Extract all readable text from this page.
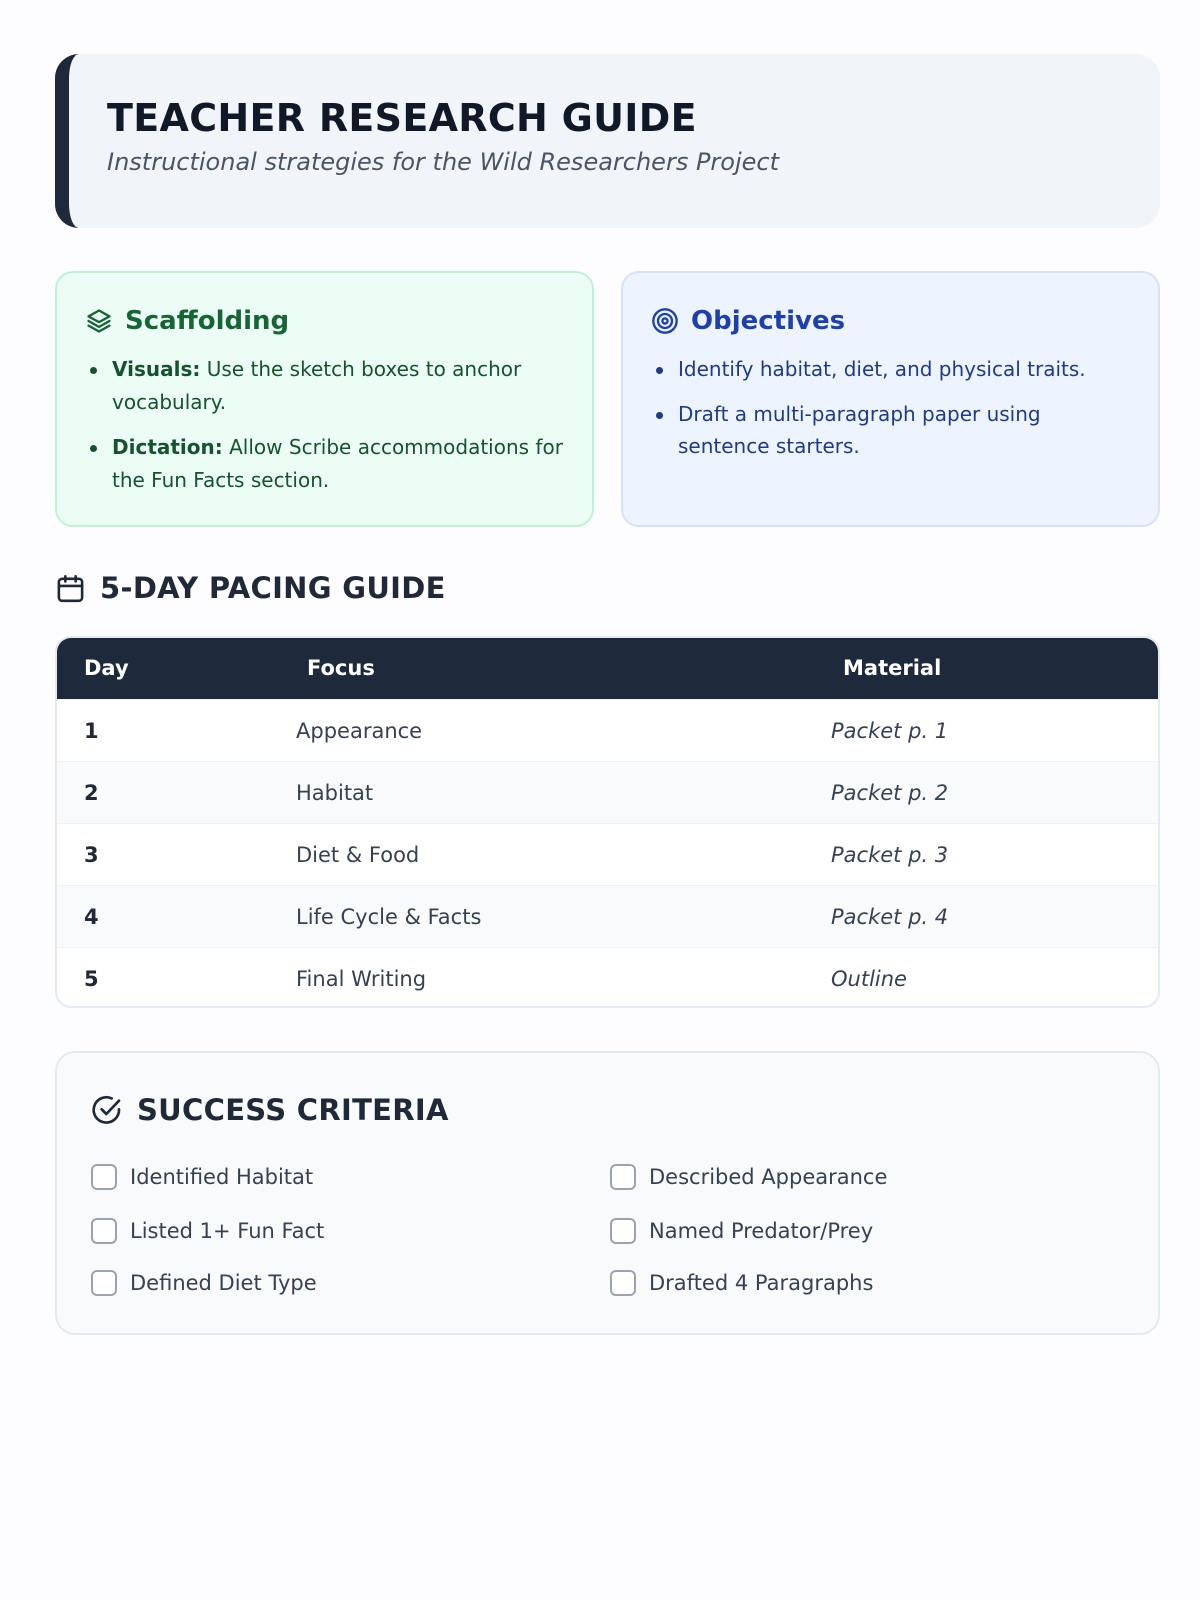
TEACHER RESEARCH GUIDE
Instructional strategies for the Wild Researchers Project
Scaffolding
Visuals: Use the sketch boxes to anchor vocabulary.
Dictation: Allow Scribe accommodations for the Fun Facts section.
Objectives
Identify habitat, diet, and physical traits.
Draft a multi-paragraph paper using sentence starters.
5-DAY PACING GUIDE
Day	Focus	Material
1	Appearance	Packet p. 1
2	Habitat	Packet p. 2
3	Diet & Food	Packet p. 3
4	Life Cycle & Facts	Packet p. 4
5	Final Writing	Outline
SUCCESS CRITERIA
Identified Habitat	Described Appearance
Listed 1+ Fun Fact	Named Predator/Prey
Defined Diet Type	Drafted 4 Paragraphs
